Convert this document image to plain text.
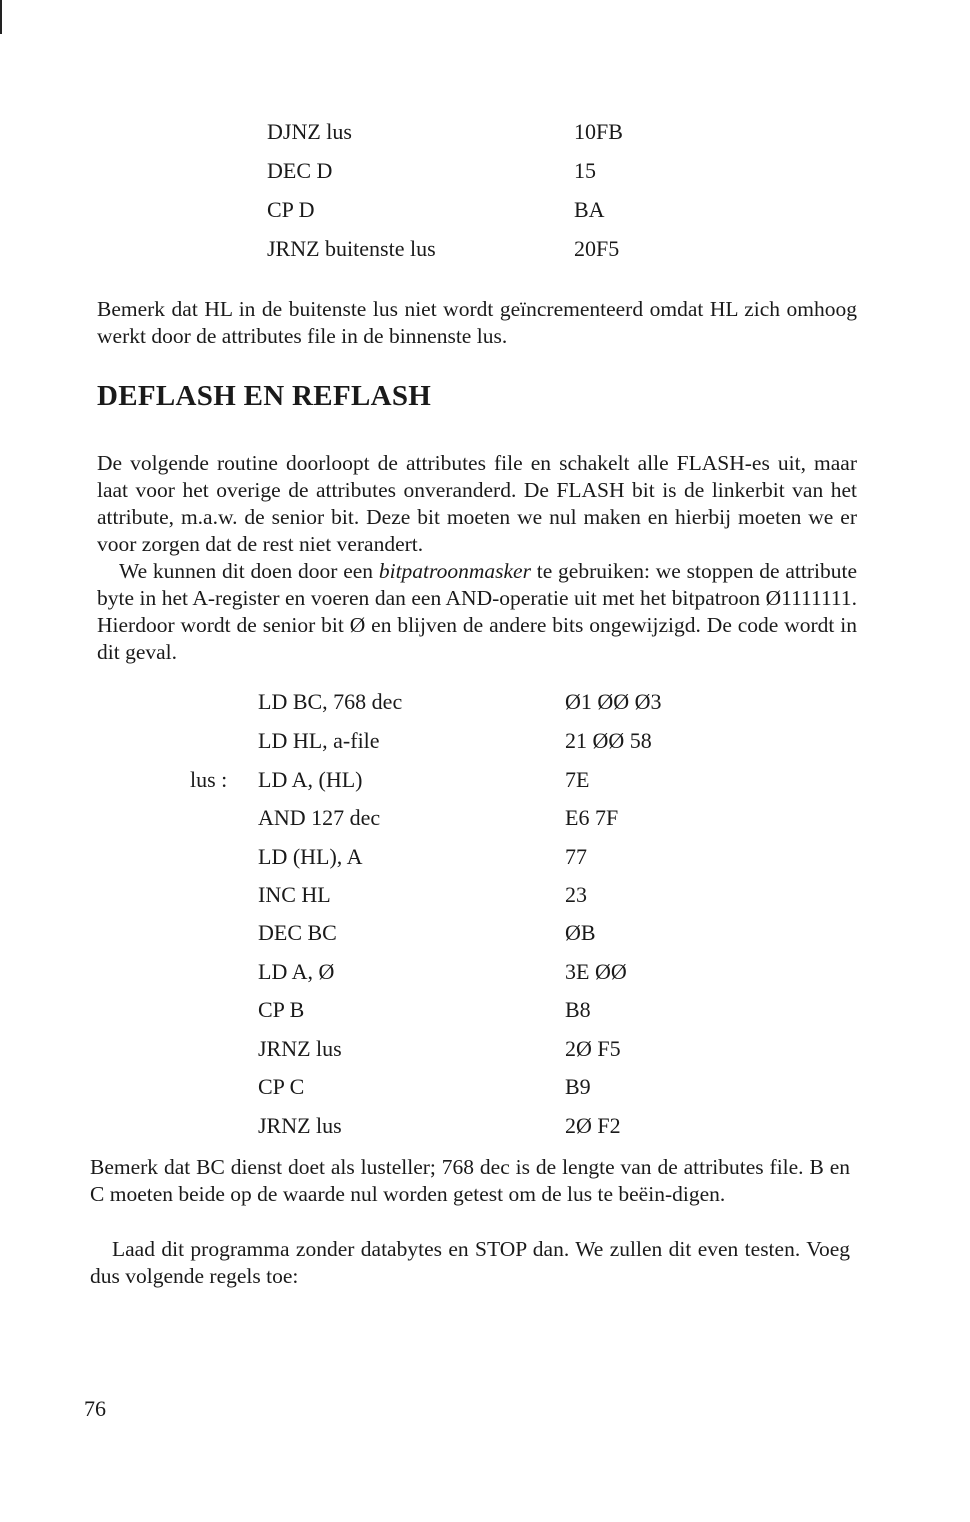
DJNZ lus	10FB
DEC D	15
CP D	BA
JRNZ buitenste lus	20F5

Bemerk dat HL in de buitenste lus niet wordt geïncrementeerd omdat HL zich omhoog werkt door de attributes file in de binnenste lus.

DEFLASH EN REFLASH

De volgende routine doorloopt de attributes file en schakelt alle FLASH-es uit, maar laat voor het overige de attributes onveranderd. De FLASH bit is de linkerbit van het attribute, m.a.w. de senior bit. Deze bit moeten we nul maken en hierbij moeten we er voor zorgen dat de rest niet verandert.

We kunnen dit doen door een bitpatroonmasker te gebruiken: we stoppen de attribute byte in het A-register en voeren dan een AND-operatie uit met het bitpatroon Ø1111111. Hierdoor wordt de senior bit Ø en blijven de andere bits ongewijzigd. De code wordt in dit geval.

LD BC, 768 dec	Ø1 ØØ Ø3
LD HL, a-file	21 ØØ 58
lus : LD A, (HL)	7E
AND 127 dec	E6 7F
LD (HL), A	77
INC HL	23
DEC BC	ØB
LD A, Ø	3E ØØ
CP B	B8
JRNZ lus	2Ø F5
CP C	B9
JRNZ lus	2Ø F2

Bemerk dat BC dienst doet als lusteller; 768 dec is de lengte van de attributes file. B en C moeten beide op de waarde nul worden getest om de lus te beëin-digen.

Laad dit programma zonder databytes en STOP dan. We zullen dit even testen. Voeg dus volgende regels toe:

76
